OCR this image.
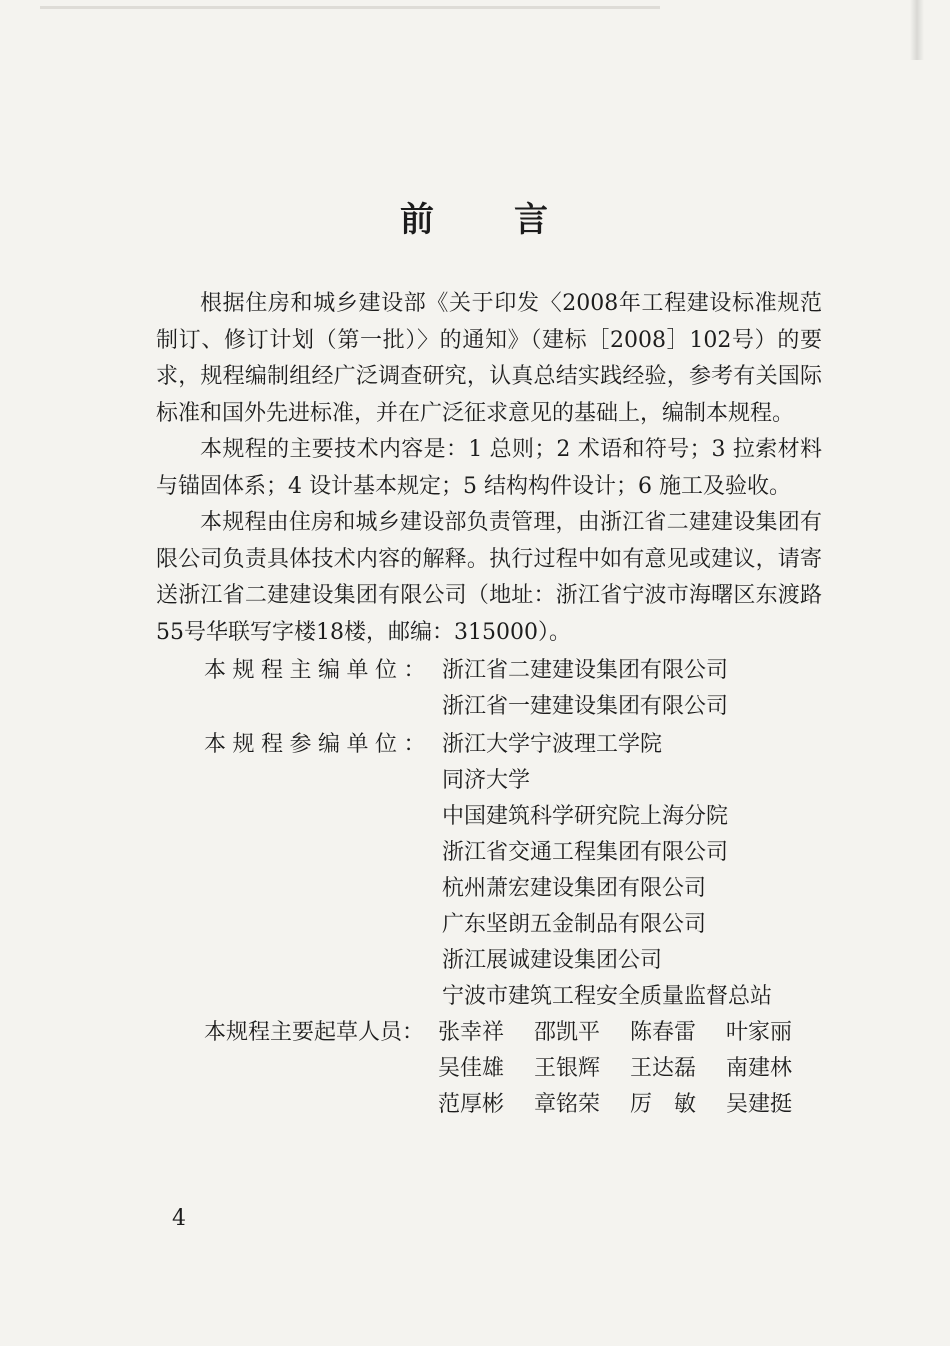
前 言

根据住房和城乡建设部《关于印发〈2008年工程建设标准规范制订、修订计划（第一批）〉的通知》（建标［2008］102号）的要求，规程编制组经广泛调查研究，认真总结实践经验，参考有关国际标准和国外先进标准，并在广泛征求意见的基础上，编制本规程。

本规程的主要技术内容是：1 总则；2 术语和符号；3 拉索材料与锚固体系；4 设计基本规定；5 结构构件设计；6 施工及验收。

本规程由住房和城乡建设部负责管理，由浙江省二建建设集团有限公司负责具体技术内容的解释。执行过程中如有意见或建议，请寄送浙江省二建建设集团有限公司（地址：浙江省宁波市海曙区东渡路55号华联写字楼18楼，邮编：315000）。

本规程主编单位： 浙江省二建建设集团有限公司
浙江省一建建设集团有限公司
本规程参编单位： 浙江大学宁波理工学院
同济大学
中国建筑科学研究院上海分院
浙江省交通工程集团有限公司
杭州萧宏建设集团有限公司
广东坚朗五金制品有限公司
浙江展诚建设集团公司
宁波市建筑工程安全质量监督总站
本规程主要起草人员： 张幸祥	邵凯平	陈春雷	叶家丽
吴佳雄	王银辉	王达磊	南建林
范厚彬	章铭荣	厉　敏	吴建挺
4
